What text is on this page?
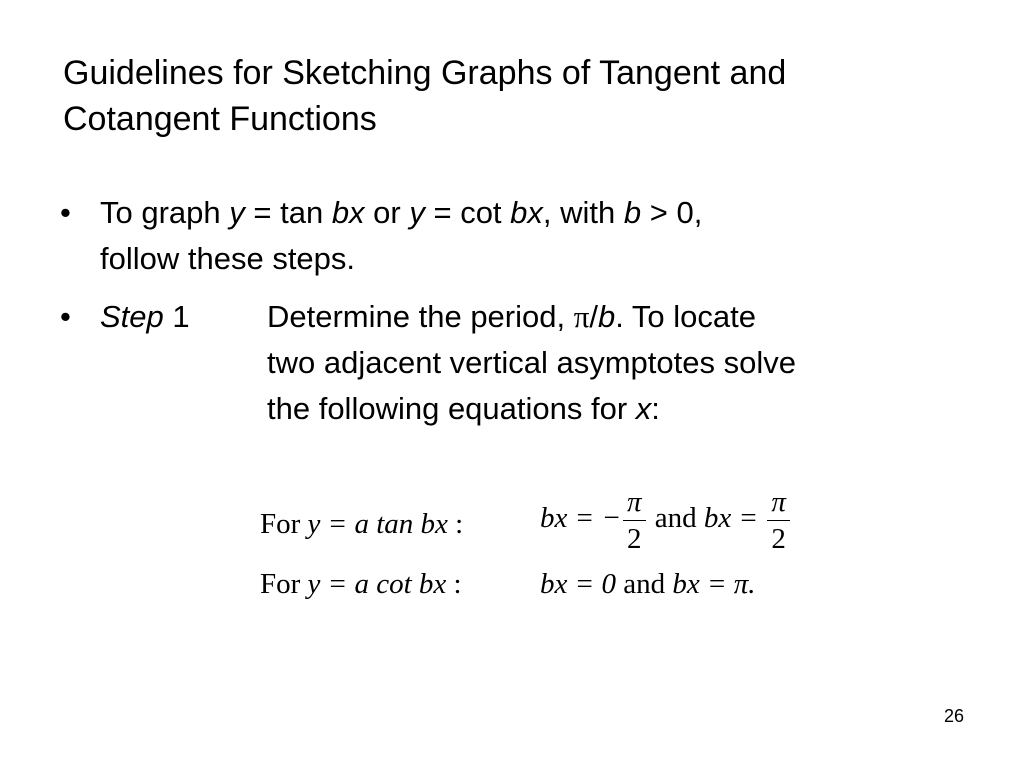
Guidelines for Sketching Graphs of Tangent and
Cotangent Functions
• To graph y = tan bx or y = cot bx, with b > 0,
follow these steps.
• Step 1	Determine the period, π/b. To locate
two adjacent vertical asymptotes solve
the following equations for x:
For y = a tan bx :	bx = − $\frac{\pi}{2}$ and bx = $\frac{\pi}{2}$
For y = a cot bx :	bx = 0 and bx = π.
26
